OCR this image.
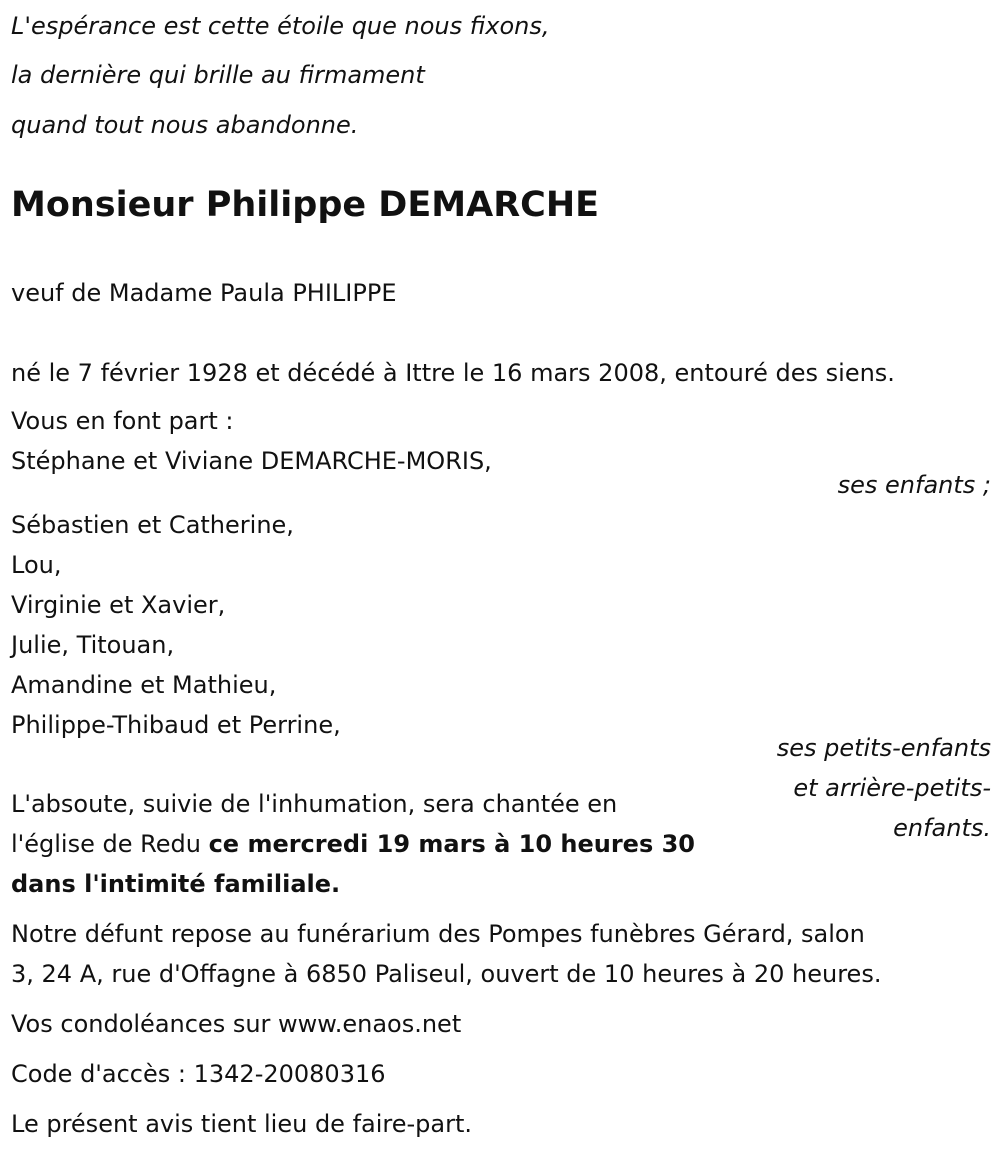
L'espérance est cette étoile que nous fixons,
la dernière qui brille au firmament
quand tout nous abandonne.
Monsieur Philippe DEMARCHE
veuf de Madame Paula PHILIPPE
né le 7 février 1928 et décédé à Ittre le 16 mars 2008, entouré des siens.
Vous en font part :
Stéphane et Viviane DEMARCHE-MORIS,
ses enfants ;
Sébastien et Catherine,
Lou,
Virginie et Xavier,
Julie, Titouan,
Amandine et Mathieu,
Philippe-Thibaud et Perrine,
ses petits-enfants
et arrière-petits-
enfants.
L'absoute, suivie de l'inhumation, sera chantée en
l'église de Redu ce mercredi 19 mars à 10 heures 30
dans l'intimité familiale.
Notre défunt repose au funérarium des Pompes funèbres Gérard, salon
3, 24 A, rue d'Offagne à 6850 Paliseul, ouvert de 10 heures à 20 heures.
Vos condoléances sur www.enaos.net
Code d'accès : 1342-20080316
Le présent avis tient lieu de faire-part.
